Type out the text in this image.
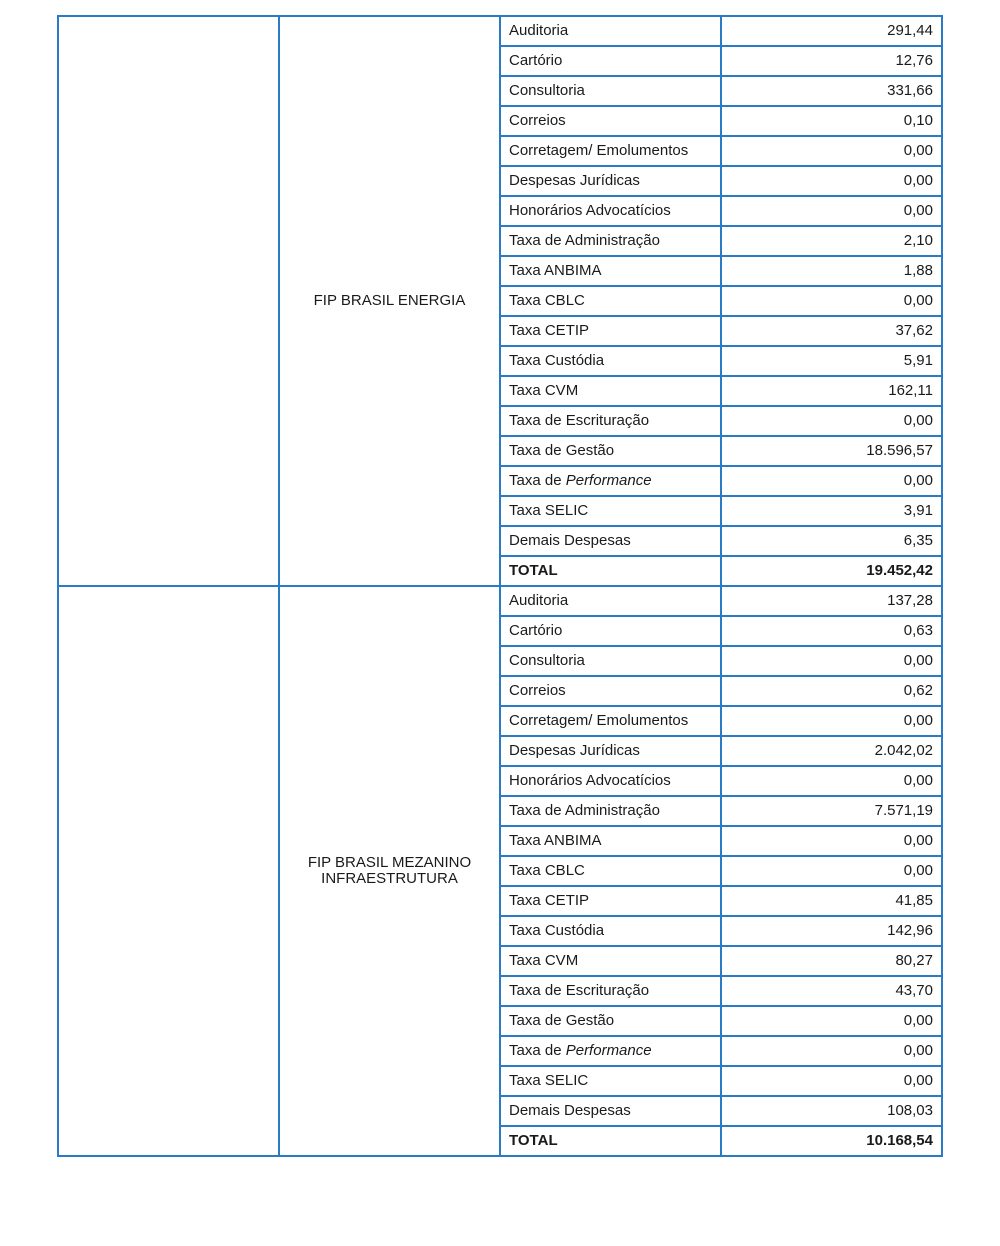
	FIP BRASIL ENERGIA	Auditoria	291,44
		Cartório	12,76
		Consultoria	331,66
		Correios	0,10
		Corretagem/ Emolumentos	0,00
		Despesas Jurídicas	0,00
		Honorários Advocatícios	0,00
		Taxa de Administração	2,10
		Taxa ANBIMA	1,88
		Taxa CBLC	0,00
		Taxa CETIP	37,62
		Taxa Custódia	5,91
		Taxa CVM	162,11
		Taxa de Escrituração	0,00
		Taxa de Gestão	18.596,57
		Taxa de Performance	0,00
		Taxa SELIC	3,91
		Demais Despesas	6,35
		TOTAL	19.452,42
	FIP BRASIL MEZANINO INFRAESTRUTURA	Auditoria	137,28
		Cartório	0,63
		Consultoria	0,00
		Correios	0,62
		Corretagem/ Emolumentos	0,00
		Despesas Jurídicas	2.042,02
		Honorários Advocatícios	0,00
		Taxa de Administração	7.571,19
		Taxa ANBIMA	0,00
		Taxa CBLC	0,00
		Taxa CETIP	41,85
		Taxa Custódia	142,96
		Taxa CVM	80,27
		Taxa de Escrituração	43,70
		Taxa de Gestão	0,00
		Taxa de Performance	0,00
		Taxa SELIC	0,00
		Demais Despesas	108,03
		TOTAL	10.168,54
